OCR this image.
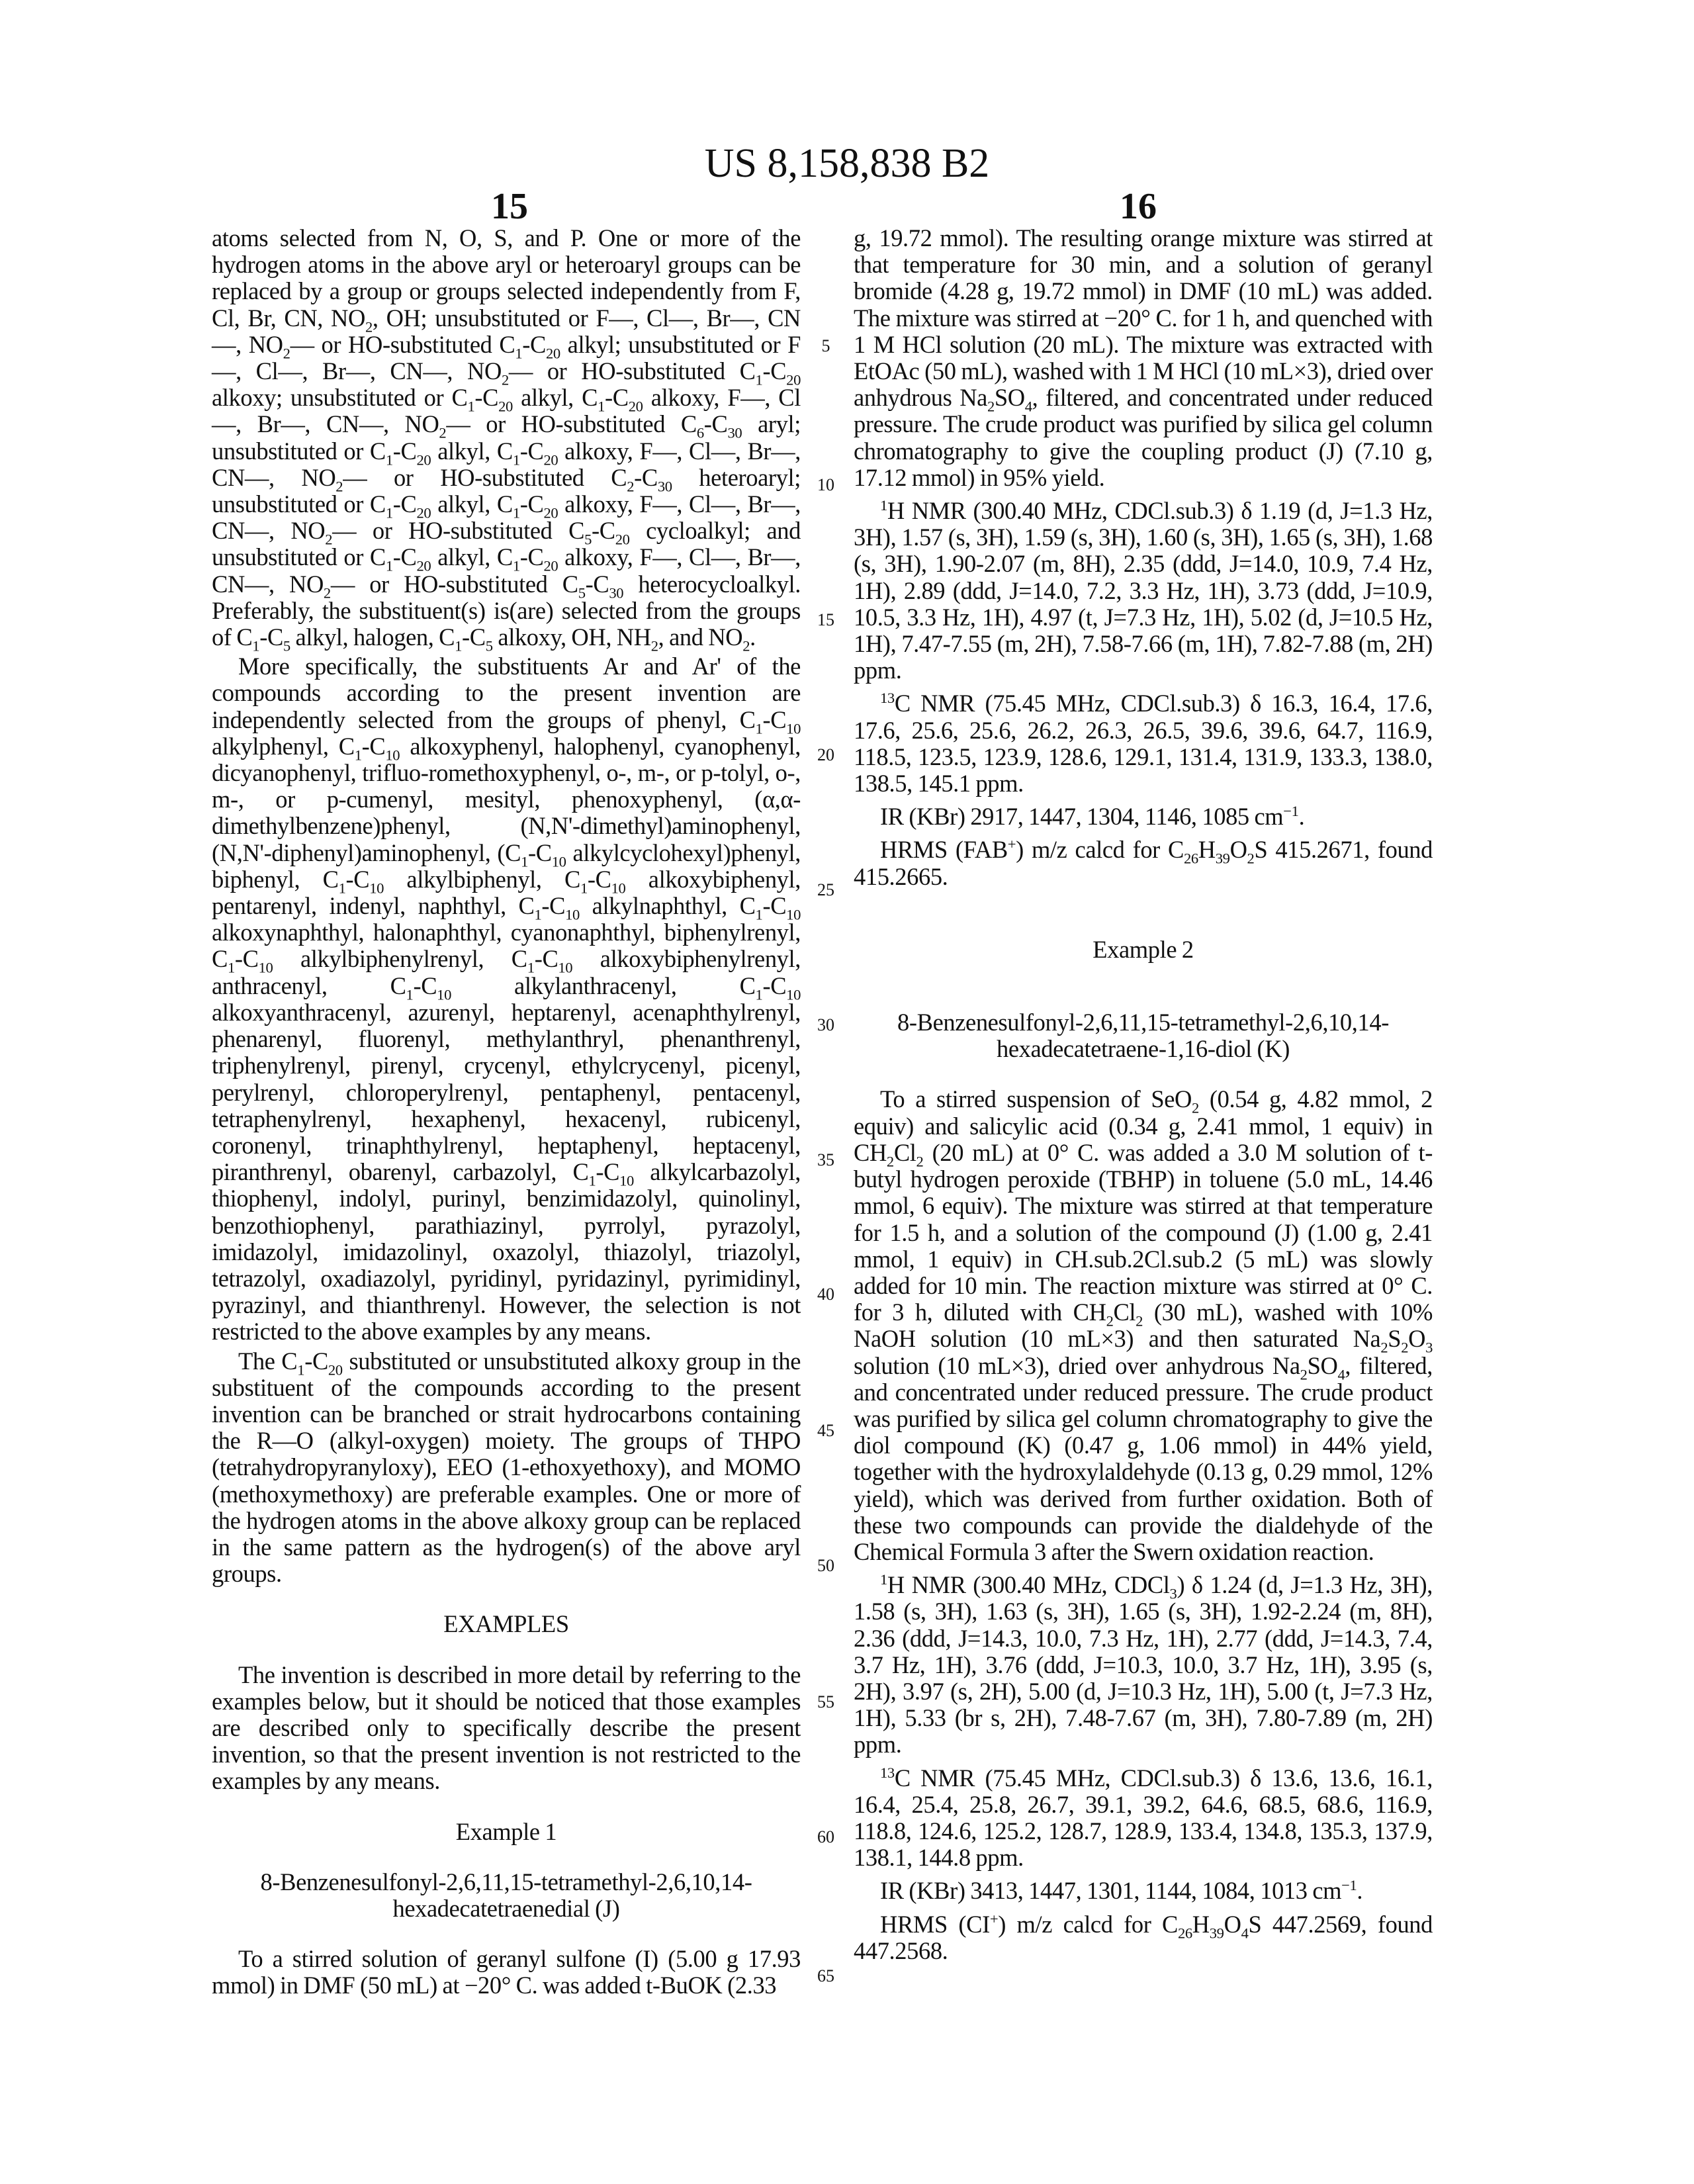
US 8,158,838 B2
15	16
5
10
15
20
25
30
35
40
45
50
55
60
65

atoms selected from N, O, S, and P. One or more of the hydrogen atoms in the above aryl or heteroaryl groups can be replaced by a group or groups selected independently from F, Cl, Br, CN, NO2, OH; unsubstituted or F—, Cl—, Br—, CN—, NO2— or HO-substituted C1-C20 alkyl; unsubstituted or F—, Cl—, Br—, CN—, NO2— or HO-substituted C1-C20 alkoxy; unsubstituted or C1-C20 alkyl, C1-C20 alkoxy, F—, Cl—, Br—, CN—, NO2— or HO-substituted C6-C30 aryl; unsubstituted or C1-C20 alkyl, C1-C20 alkoxy, F—, Cl—, Br—, CN—, NO2— or HO-substituted C2-C30 heteroaryl; unsubstituted or C1-C20 alkyl, C1-C20 alkoxy, F—, Cl—, Br—, CN—, NO2— or HO-substituted C5-C20 cycloalkyl; and unsubstituted or C1-C20 alkyl, C1-C20 alkoxy, F—, Cl—, Br—, CN—, NO2— or HO-substituted C5-C30 heterocycloalkyl. Preferably, the substituent(s) is(are) selected from the groups of C1-C5 alkyl, halogen, C1-C5 alkoxy, OH, NH2, and NO2.

More specifically, the substituents Ar and Ar' of the compounds according to the present invention are independently selected from the groups of phenyl, C1-C10 alkylphenyl, C1-C10 alkoxyphenyl, halophenyl, cyanophenyl, dicyanophenyl, trifluo-romethoxyphenyl, o-, m-, or p-tolyl, o-, m-, or p-cumenyl, mesityl, phenoxyphenyl, (α,α-dimethylbenzene)phenyl, (N,N'-dimethyl)aminophenyl, (N,N'-diphenyl)aminophenyl, (C1-C10 alkylcyclohexyl)phenyl, biphenyl, C1-C10 alkylbiphenyl, C1-C10 alkoxybiphenyl, pentarenyl, indenyl, naphthyl, C1-C10 alkylnaphthyl, C1-C10 alkoxynaphthyl, halonaphthyl, cyanonaphthyl, biphenylrenyl, C1-C10 alkylbiphenylrenyl, C1-C10 alkoxybiphenylrenyl, anthracenyl, C1-C10 alkylanthracenyl, C1-C10 alkoxyanthracenyl, azurenyl, heptarenyl, acenaphthylrenyl, phenarenyl, fluorenyl, methylanthryl, phenanthrenyl, triphenylrenyl, pirenyl, crycenyl, ethylcrycenyl, picenyl, perylrenyl, chloroperylrenyl, pentaphenyl, pentacenyl, tetraphenylrenyl, hexaphenyl, hexacenyl, rubicenyl, coronenyl, trinaphthylrenyl, heptaphenyl, heptacenyl, piranthrenyl, obarenyl, carbazolyl, C1-C10 alkylcarbazolyl, thiophenyl, indolyl, purinyl, benzimidazolyl, quinolinyl, benzothiophenyl, parathiazinyl, pyrrolyl, pyrazolyl, imidazolyl, imidazolinyl, oxazolyl, thiazolyl, triazolyl, tetrazolyl, oxadiazolyl, pyridinyl, pyridazinyl, pyrimidinyl, pyrazinyl, and thianthrenyl. However, the selection is not restricted to the above examples by any means.

The C1-C20 substituted or unsubstituted alkoxy group in the substituent of the compounds according to the present invention can be branched or strait hydrocarbons containing the R—O (alkyl-oxygen) moiety. The groups of THPO (tetrahydropyranyloxy), EEO (1-ethoxyethoxy), and MOMO (methoxymethoxy) are preferable examples. One or more of the hydrogen atoms in the above alkoxy group can be replaced in the same pattern as the hydrogen(s) of the above aryl groups.

EXAMPLES

The invention is described in more detail by referring to the examples below, but it should be noticed that those examples are described only to specifically describe the present invention, so that the present invention is not restricted to the examples by any means.

Example 1

8-Benzenesulfonyl-2,6,11,15-tetramethyl-2,6,10,14-hexadecatetraenedial (J)

To a stirred solution of geranyl sulfone (I) (5.00 g 17.93 mmol) in DMF (50 mL) at −20° C. was added t-BuOK (2.33

g, 19.72 mmol). The resulting orange mixture was stirred at that temperature for 30 min, and a solution of geranyl bromide (4.28 g, 19.72 mmol) in DMF (10 mL) was added. The mixture was stirred at −20° C. for 1 h, and quenched with 1 M HCl solution (20 mL). The mixture was extracted with EtOAc (50 mL), washed with 1 M HCl (10 mL×3), dried over anhydrous Na2SO4, filtered, and concentrated under reduced pressure. The crude product was purified by silica gel column chromatography to give the coupling product (J) (7.10 g, 17.12 mmol) in 95% yield.

1H NMR (300.40 MHz, CDCl.sub.3) δ 1.19 (d, J=1.3 Hz, 3H), 1.57 (s, 3H), 1.59 (s, 3H), 1.60 (s, 3H), 1.65 (s, 3H), 1.68 (s, 3H), 1.90-2.07 (m, 8H), 2.35 (ddd, J=14.0, 10.9, 7.4 Hz, 1H), 2.89 (ddd, J=14.0, 7.2, 3.3 Hz, 1H), 3.73 (ddd, J=10.9, 10.5, 3.3 Hz, 1H), 4.97 (t, J=7.3 Hz, 1H), 5.02 (d, J=10.5 Hz, 1H), 7.47-7.55 (m, 2H), 7.58-7.66 (m, 1H), 7.82-7.88 (m, 2H) ppm.

13C NMR (75.45 MHz, CDCl.sub.3) δ 16.3, 16.4, 17.6, 17.6, 25.6, 25.6, 26.2, 26.3, 26.5, 39.6, 39.6, 64.7, 116.9, 118.5, 123.5, 123.9, 128.6, 129.1, 131.4, 131.9, 133.3, 138.0, 138.5, 145.1 ppm.

IR (KBr) 2917, 1447, 1304, 1146, 1085 cm−1.

HRMS (FAB+) m/z calcd for C26H39O2S 415.2671, found 415.2665.

Example 2

8-Benzenesulfonyl-2,6,11,15-tetramethyl-2,6,10,14-hexadecatetraene-1,16-diol (K)

To a stirred suspension of SeO2 (0.54 g, 4.82 mmol, 2 equiv) and salicylic acid (0.34 g, 2.41 mmol, 1 equiv) in CH2Cl2 (20 mL) at 0° C. was added a 3.0 M solution of t-butyl hydrogen peroxide (TBHP) in toluene (5.0 mL, 14.46 mmol, 6 equiv). The mixture was stirred at that temperature for 1.5 h, and a solution of the compound (J) (1.00 g, 2.41 mmol, 1 equiv) in CH.sub.2Cl.sub.2 (5 mL) was slowly added for 10 min. The reaction mixture was stirred at 0° C. for 3 h, diluted with CH2Cl2 (30 mL), washed with 10% NaOH solution (10 mL×3) and then saturated Na2S2O3 solution (10 mL×3), dried over anhydrous Na2SO4, filtered, and concentrated under reduced pressure. The crude product was purified by silica gel column chromatography to give the diol compound (K) (0.47 g, 1.06 mmol) in 44% yield, together with the hydroxylaldehyde (0.13 g, 0.29 mmol, 12% yield), which was derived from further oxidation. Both of these two compounds can provide the dialdehyde of the Chemical Formula 3 after the Swern oxidation reaction.

1H NMR (300.40 MHz, CDCl3) δ 1.24 (d, J=1.3 Hz, 3H), 1.58 (s, 3H), 1.63 (s, 3H), 1.65 (s, 3H), 1.92-2.24 (m, 8H), 2.36 (ddd, J=14.3, 10.0, 7.3 Hz, 1H), 2.77 (ddd, J=14.3, 7.4, 3.7 Hz, 1H), 3.76 (ddd, J=10.3, 10.0, 3.7 Hz, 1H), 3.95 (s, 2H), 3.97 (s, 2H), 5.00 (d, J=10.3 Hz, 1H), 5.00 (t, J=7.3 Hz, 1H), 5.33 (br s, 2H), 7.48-7.67 (m, 3H), 7.80-7.89 (m, 2H) ppm.

13C NMR (75.45 MHz, CDCl.sub.3) δ 13.6, 13.6, 16.1, 16.4, 25.4, 25.8, 26.7, 39.1, 39.2, 64.6, 68.5, 68.6, 116.9, 118.8, 124.6, 125.2, 128.7, 128.9, 133.4, 134.8, 135.3, 137.9, 138.1, 144.8 ppm.

IR (KBr) 3413, 1447, 1301, 1144, 1084, 1013 cm−1.

HRMS (CI+) m/z calcd for C26H39O4S 447.2569, found 447.2568.
